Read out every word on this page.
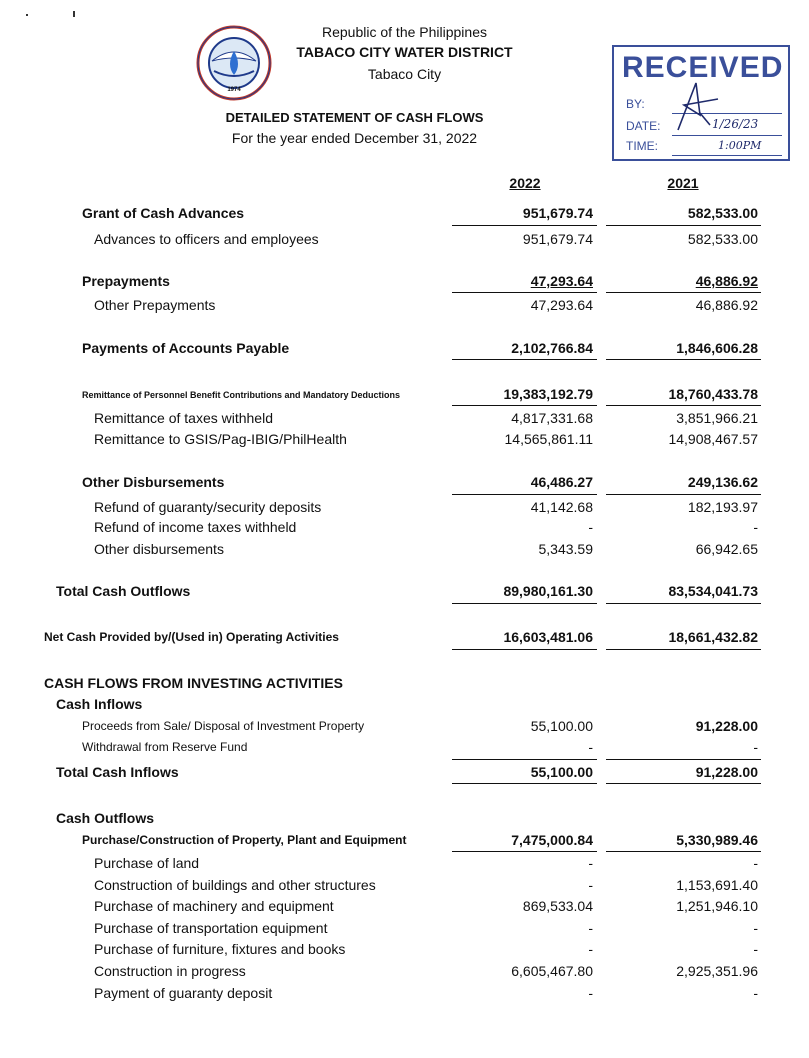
1974
Republic of the Philippines
TABACO CITY WATER DISTRICT
Tabaco City
DETAILED STATEMENT OF CASH FLOWS
For the year ended December 31, 2022
RECEIVED
BY:
DATE:
TIME:
1/26/23
1:00PM
2022	2021
Grant of Cash Advances	951,679.74	582,533.00
Advances to officers and employees	951,679.74	582,533.00
Prepayments	47,293.64	46,886.92
Other Prepayments	47,293.64	46,886.92
Payments of Accounts Payable	2,102,766.84	1,846,606.28
Remittance of Personnel Benefit Contributions and Mandatory Deductions	19,383,192.79	18,760,433.78
Remittance of taxes withheld	4,817,331.68	3,851,966.21
Remittance to GSIS/Pag-IBIG/PhilHealth	14,565,861.11	14,908,467.57
Other Disbursements	46,486.27	249,136.62
Refund of guaranty/security deposits	41,142.68	182,193.97
Refund of income taxes withheld	-	-
Other disbursements	5,343.59	66,942.65
Total Cash Outflows	89,980,161.30	83,534,041.73
Net Cash Provided by/(Used in) Operating Activities	16,603,481.06	18,661,432.82
CASH FLOWS FROM INVESTING ACTIVITIES
Cash Inflows
Proceeds from Sale/ Disposal of Investment Property	55,100.00	91,228.00
Withdrawal from Reserve Fund	-	-
Total Cash Inflows	55,100.00	91,228.00
Cash Outflows
Purchase/Construction of Property, Plant and Equipment	7,475,000.84	5,330,989.46
Purchase of land	-	-
Construction of buildings and other structures	-	1,153,691.40
Purchase of machinery and equipment	869,533.04	1,251,946.10
Purchase of transportation equipment	-	-
Purchase of furniture, fixtures and books	-	-
Construction in progress	6,605,467.80	2,925,351.96
Payment of guaranty deposit	-	-
